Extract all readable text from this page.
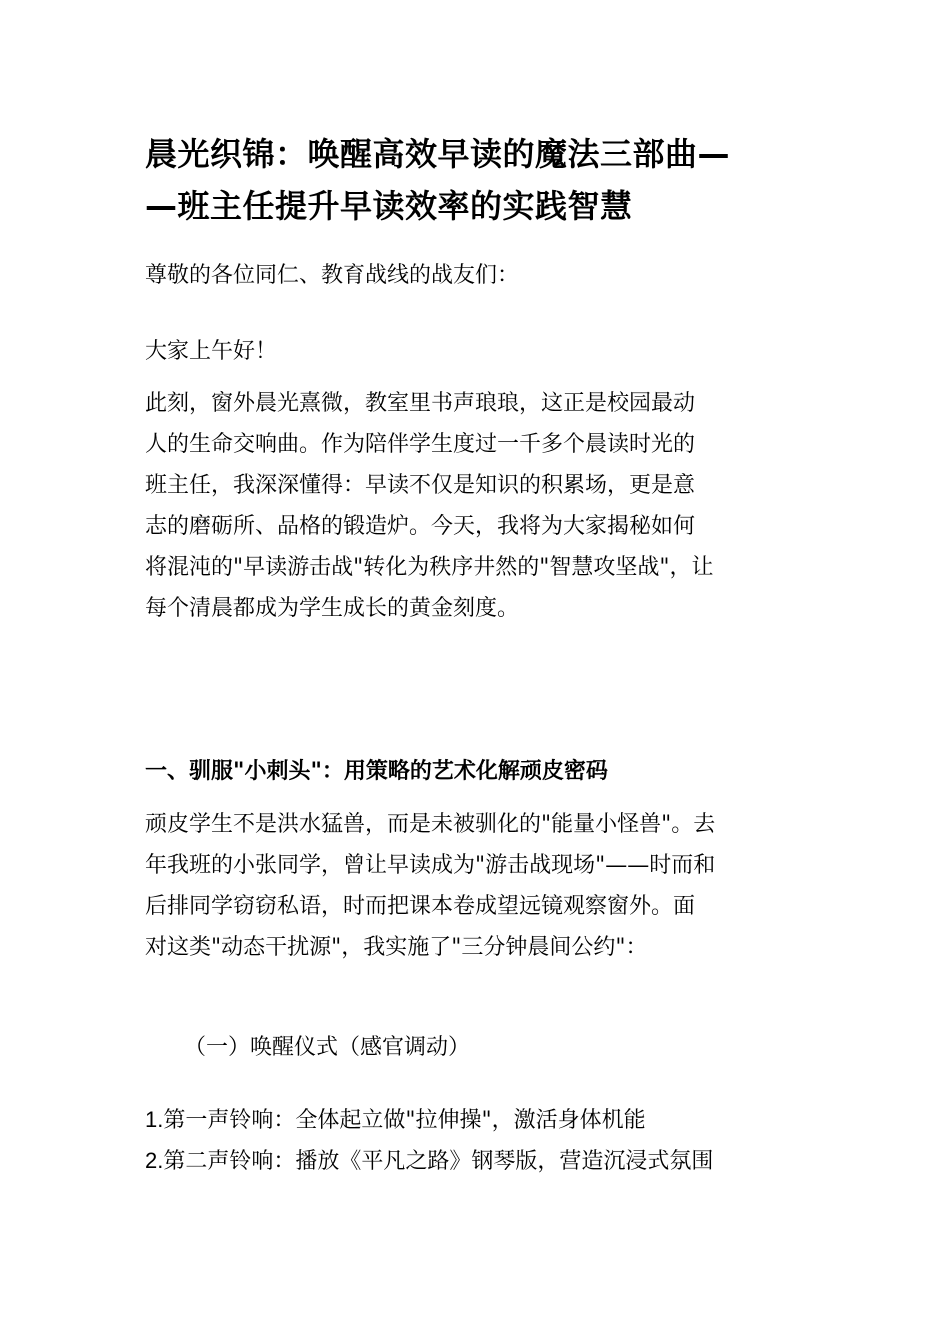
晨光织锦：唤醒高效早读的魔法三部曲—
—班主任提升早读效率的实践智慧
尊敬的各位同仁、教育战线的战友们：
大家上午好！
此刻，窗外晨光熹微，教室里书声琅琅，这正是校园最动
人的生命交响曲。作为陪伴学生度过一千多个晨读时光的
班主任，我深深懂得：早读不仅是知识的积累场，更是意
志的磨砺所、品格的锻造炉。今天，我将为大家揭秘如何
将混沌的"早读游击战"转化为秩序井然的"智慧攻坚战"，让
每个清晨都成为学生成长的黄金刻度。
一、驯服"小刺头"：用策略的艺术化解顽皮密码
顽皮学生不是洪水猛兽，而是未被驯化的"能量小怪兽"。去
年我班的小张同学，曾让早读成为"游击战现场"——时而和
后排同学窃窃私语，时而把课本卷成望远镜观察窗外。面
对这类"动态干扰源"，我实施了"三分钟晨间公约"：
（一）唤醒仪式（感官调动）
1.第一声铃响：全体起立做"拉伸操"，激活身体机能
2.第二声铃响：播放《平凡之路》钢琴版，营造沉浸式氛围
